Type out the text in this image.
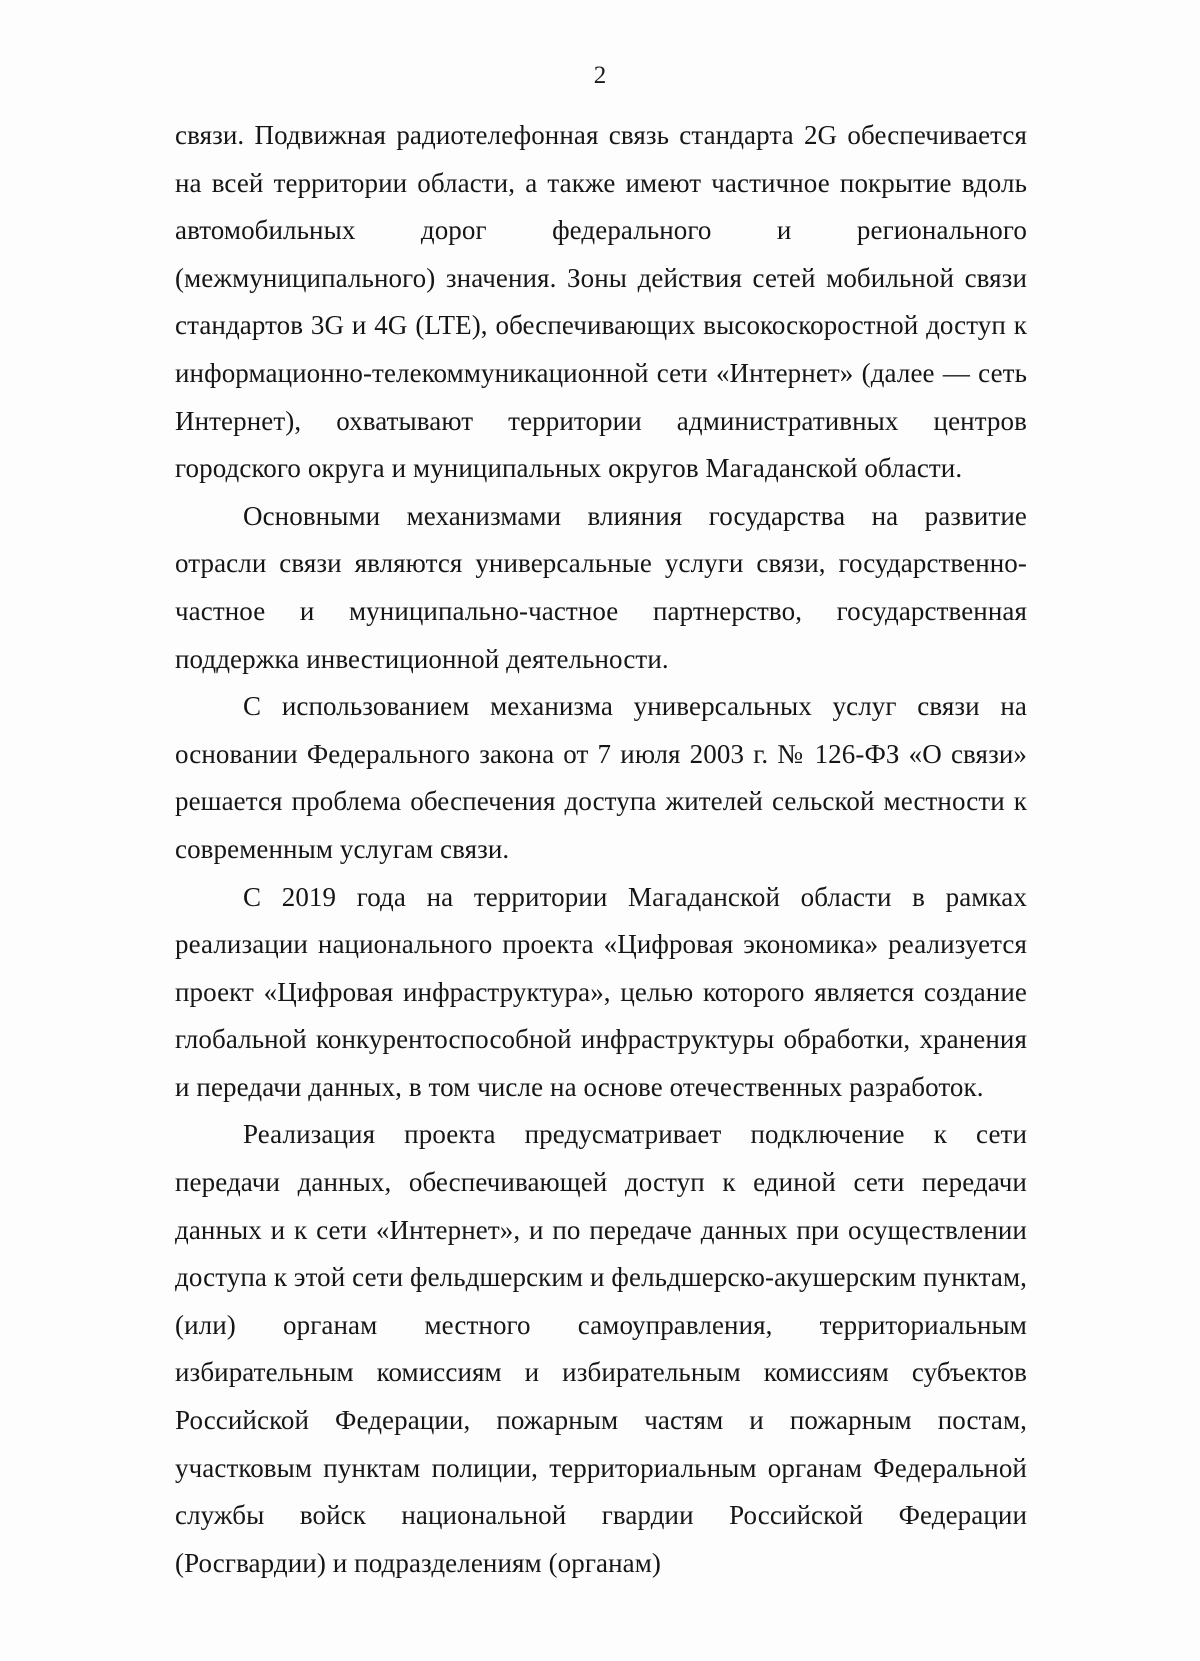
2

связи. Подвижная радиотелефонная связь стандарта 2G обеспечивается на всей территории области, а также имеют частичное покрытие вдоль автомобильных дорог федерального и регионального (межмуниципального) значения. Зоны действия сетей мобильной связи стандартов 3G и 4G (LTE), обеспечивающих высокоскоростной доступ к информационно-телекоммуникационной сети «Интернет» (далее — сеть Интернет), охватывают территории административных центров городского округа и муниципальных округов Магаданской области.

Основными механизмами влияния государства на развитие отрасли связи являются универсальные услуги связи, государственно-частное и муниципально-частное партнерство, государственная поддержка инвестиционной деятельности.

С использованием механизма универсальных услуг связи на основании Федерального закона от 7 июля 2003 г. № 126-ФЗ «О связи» решается проблема обеспечения доступа жителей сельской местности к современным услугам связи.

С 2019 года на территории Магаданской области в рамках реализации национального проекта «Цифровая экономика» реализуется проект «Цифровая инфраструктура», целью которого является создание глобальной конкурентоспособной инфраструктуры обработки, хранения и передачи данных, в том числе на основе отечественных разработок.

Реализация проекта предусматривает подключение к сети передачи данных, обеспечивающей доступ к единой сети передачи данных и к сети «Интернет», и по передаче данных при осуществлении доступа к этой сети фельдшерским и фельдшерско-акушерским пунктам, (или) органам местного самоуправления, территориальным избирательным комиссиям и избирательным комиссиям субъектов Российской Федерации, пожарным частям и пожарным постам, участковым пунктам полиции, территориальным органам Федеральной службы войск национальной гвардии Российской Федерации (Росгвардии) и подразделениям (органам)
